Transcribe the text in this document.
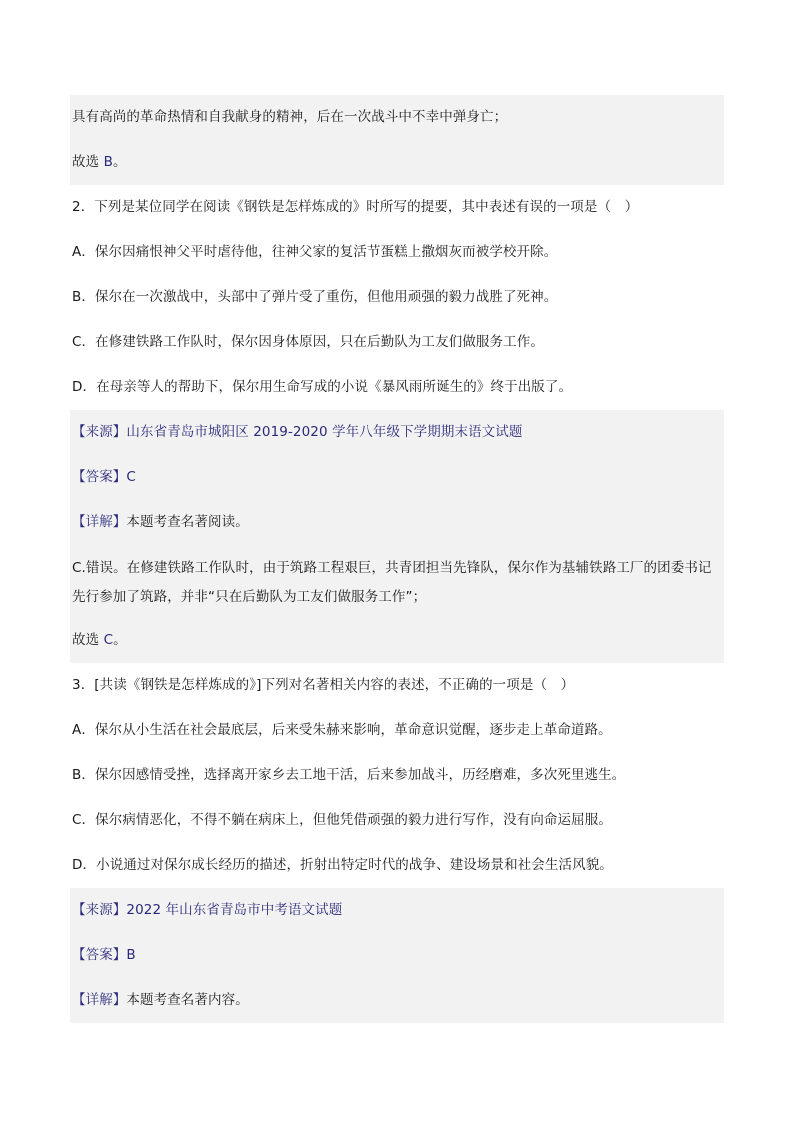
具有高尚的革命热情和自我献身的精神，后在一次战斗中不幸中弹身亡；
故选 B。
2．下列是某位同学在阅读《钢铁是怎样炼成的》时所写的提要，其中表述有误的一项是（　）
A．保尔因痛恨神父平时虐待他，往神父家的复活节蛋糕上撒烟灰而被学校开除。
B．保尔在一次激战中，头部中了弹片受了重伤，但他用顽强的毅力战胜了死神。
C．在修建铁路工作队时，保尔因身体原因，只在后勤队为工友们做服务工作。
D．在母亲等人的帮助下，保尔用生命写成的小说《暴风雨所诞生的》终于出版了。
【来源】山东省青岛市城阳区 2019-2020 学年八年级下学期期末语文试题
【答案】C
【详解】本题考查名著阅读。
C.错误。在修建铁路工作队时，由于筑路工程艰巨，共青团担当先锋队，保尔作为基辅铁路工厂的团委书记先行参加了筑路，并非“只在后勤队为工友们做服务工作”；
故选 C。
3．[共读《钢铁是怎样炼成的》]下列对名著相关内容的表述，不正确的一项是（　）
A．保尔从小生活在社会最底层，后来受朱赫来影响，革命意识觉醒，逐步走上革命道路。
B．保尔因感情受挫，选择离开家乡去工地干活，后来参加战斗，历经磨难，多次死里逃生。
C．保尔病情恶化，不得不躺在病床上，但他凭借顽强的毅力进行写作，没有向命运屈服。
D．小说通过对保尔成长经历的描述，折射出特定时代的战争、建设场景和社会生活风貌。
【来源】2022 年山东省青岛市中考语文试题
【答案】B
【详解】本题考查名著内容。
